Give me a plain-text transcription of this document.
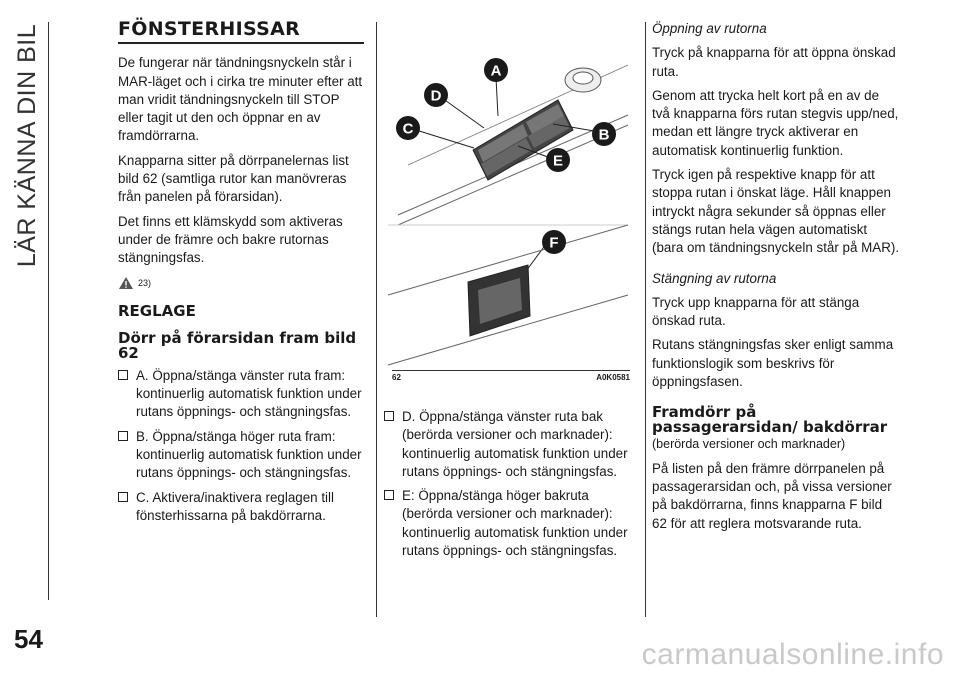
LÄR KÄNNA DIN BIL
54
FÖNSTERHISSAR

De fungerar när tändningsnyckeln står i MAR-läget och i cirka tre minuter efter att man vridit tändningsnyckeln till STOP eller tagit ut den och öppnar en av framdörrarna.

Knapparna sitter på dörrpanelernas list bild 62 (samtliga rutor kan manövreras från panelen på förarsidan).

Det finns ett klämskydd som aktiveras under de främre och bakre rutornas stängningsfas.

23)
REGLAGE
Dörr på förarsidan fram bild 62
A. Öppna/stänga vänster ruta fram: kontinuerlig automatisk funktion under rutans öppnings- och stängningsfas.
B. Öppna/stänga höger ruta fram: kontinuerlig automatisk funktion under rutans öppnings- och stängningsfas.
C. Aktivera/inaktivera reglagen till fönsterhissarna på bakdörrarna.
A
B
C
D
E
F
62	A0K0581
D. Öppna/stänga vänster ruta bak (berörda versioner och marknader): kontinuerlig automatisk funktion under rutans öppnings- och stängningsfas.
E: Öppna/stänga höger bakruta (berörda versioner och marknader): kontinuerlig automatisk funktion under rutans öppnings- och stängningsfas.

Öppning av rutorna

Tryck på knapparna för att öppna önskad ruta.

Genom att trycka helt kort på en av de två knapparna förs rutan stegvis upp/ned, medan ett längre tryck aktiverar en automatisk kontinuerlig funktion.

Tryck igen på respektive knapp för att stoppa rutan i önskat läge. Håll knappen intryckt några sekunder så öppnas eller stängs rutan hela vägen automatiskt (bara om tändningsnyckeln står på MAR).

Stängning av rutorna

Tryck upp knapparna för att stänga önskad ruta.

Rutans stängningsfas sker enligt samma funktionslogik som beskrivs för öppningsfasen.

Framdörr på passagerarsidan/ bakdörrar

(berörda versioner och marknader)

På listen på den främre dörrpanelen på passagerarsidan och, på vissa versioner på bakdörrarna, finns knapparna F bild 62 för att reglera motsvarande ruta.

carmanualsonline.info
